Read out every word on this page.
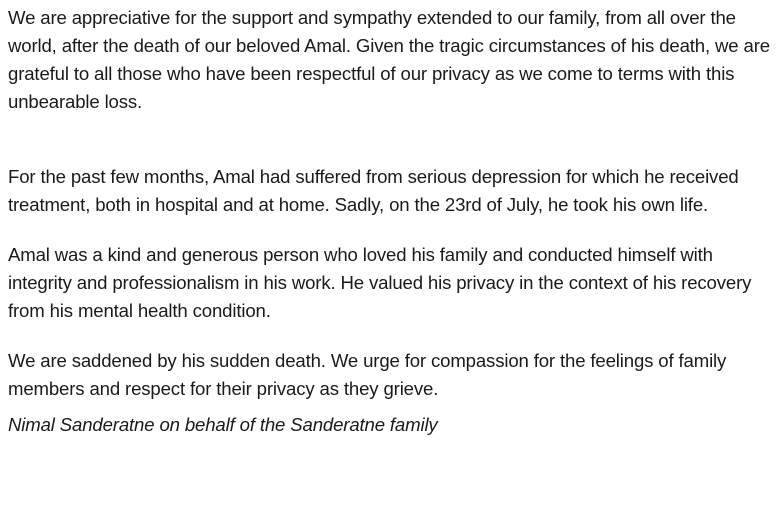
We are appreciative for the support and sympathy extended to our family, from all over the world, after the death of our beloved Amal. Given the tragic circumstances of his death, we are grateful to all those who have been respectful of our privacy as we come to terms with this unbearable loss.

For the past few months, Amal had suffered from serious depression for which he received treatment, both in hospital and at home. Sadly, on the 23rd of July, he took his own life.

Amal was a kind and generous person who loved his family and conducted himself with integrity and professionalism in his work. He valued his privacy in the context of his recovery from his mental health condition.

We are saddened by his sudden death. We urge for compassion for the feelings of family members and respect for their privacy as they grieve.

Nimal Sanderatne on behalf of the Sanderatne family
